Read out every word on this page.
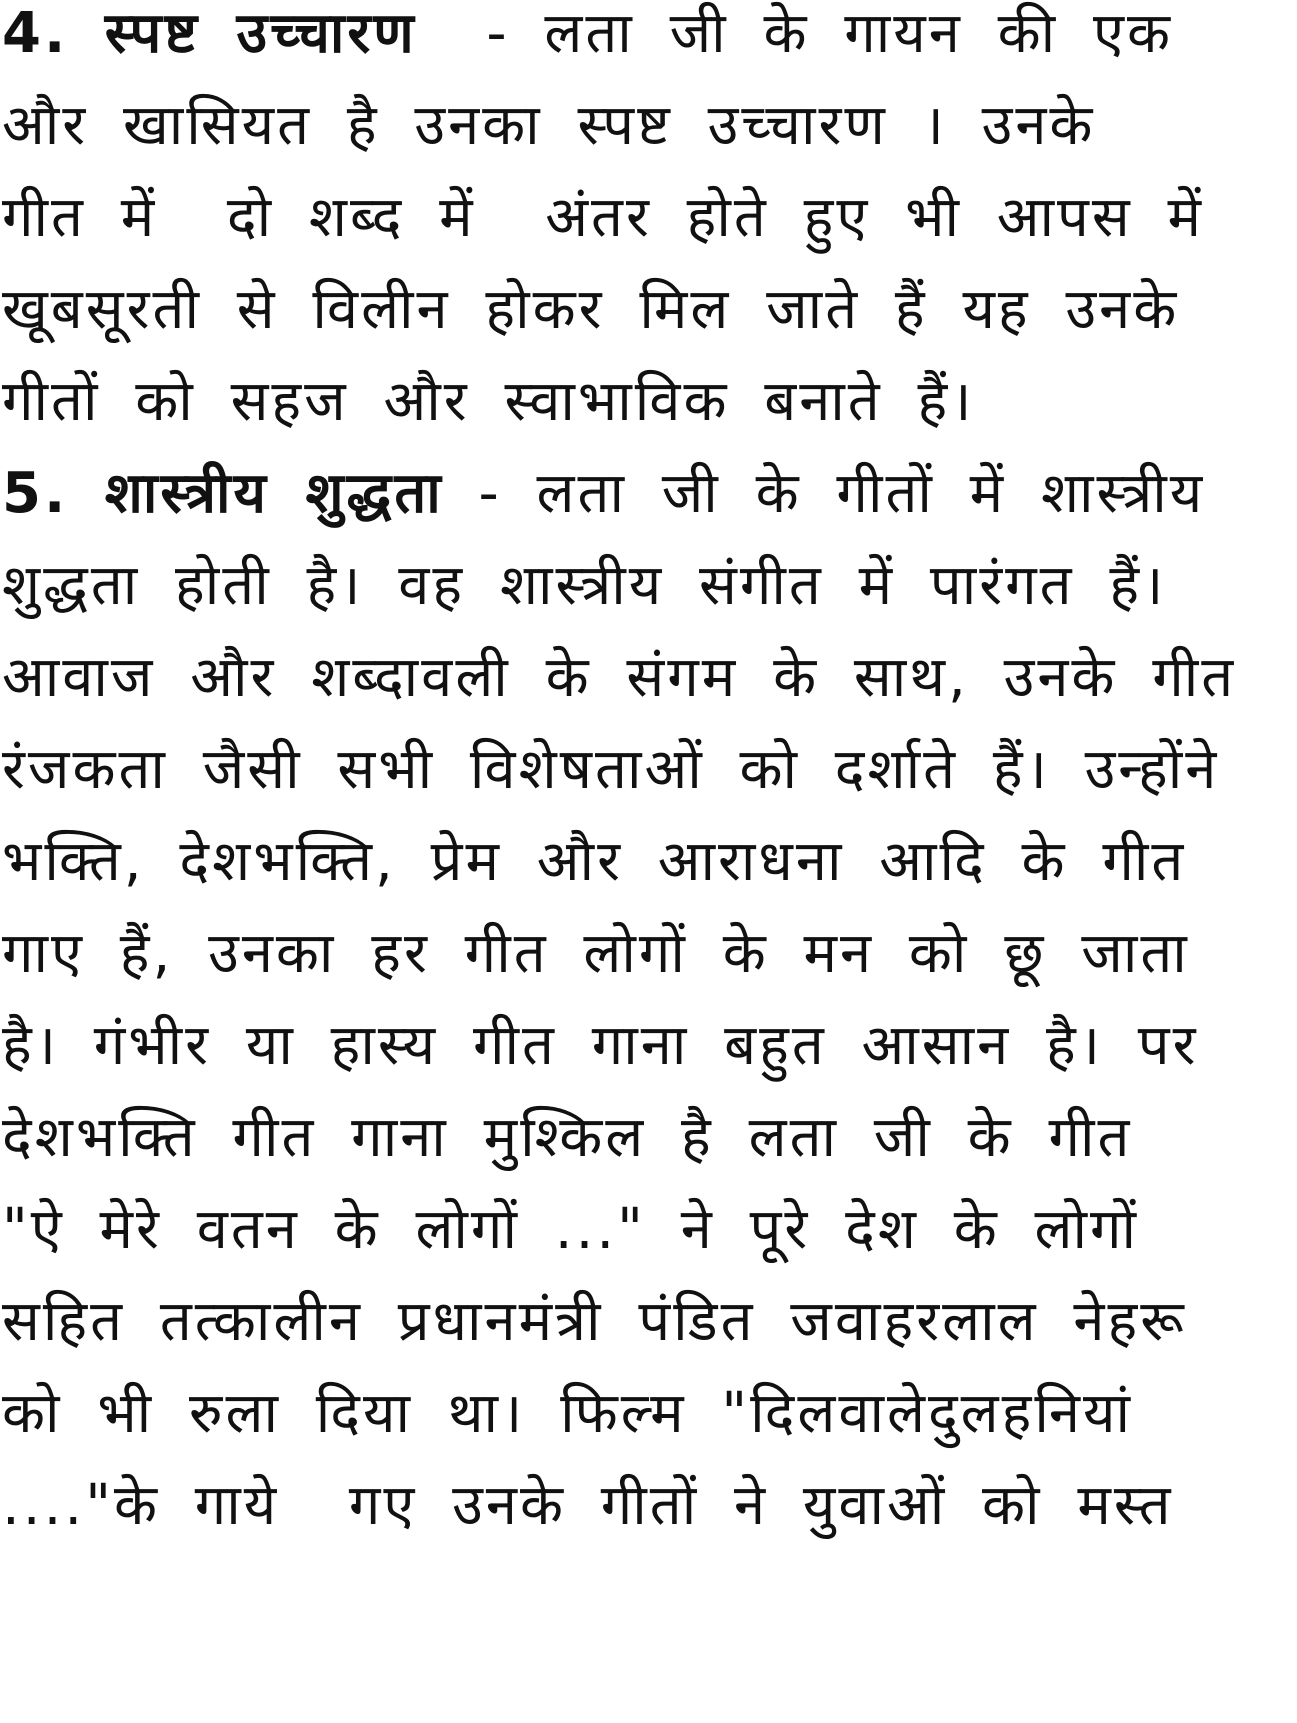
4. स्पष्ट उच्चारण  - लता जी के गायन की एक
और खासियत है उनका स्पष्ट उच्चारण । उनके
गीत में  दो शब्द में  अंतर होते हुए भी आपस में
खूबसूरती से विलीन होकर मिल जाते हैं यह उनके
गीतों को सहज और स्वाभाविक बनाते हैं।
5. शास्त्रीय शुद्धता - लता जी के गीतों में शास्त्रीय
शुद्धता होती है। वह शास्त्रीय संगीत में पारंगत हैं।
आवाज और शब्दावली के संगम के साथ, उनके गीत
रंजकता जैसी सभी विशेषताओं को दर्शाते हैं। उन्होंने
भक्ति, देशभक्ति, प्रेम और आराधना आदि के गीत
गाए हैं, उनका हर गीत लोगों के मन को छू जाता
है। गंभीर या हास्य गीत गाना बहुत आसान है। पर
देशभक्ति गीत गाना मुश्किल है लता जी के गीत
"ऐ मेरे वतन के लोगों ..." ने पूरे देश के लोगों
सहित तत्कालीन प्रधानमंत्री पंडित जवाहरलाल नेहरू
को भी रुला दिया था। फिल्म "दिलवालेदुलहनियां
...."के गाये  गए उनके गीतों ने युवाओं को मस्त
